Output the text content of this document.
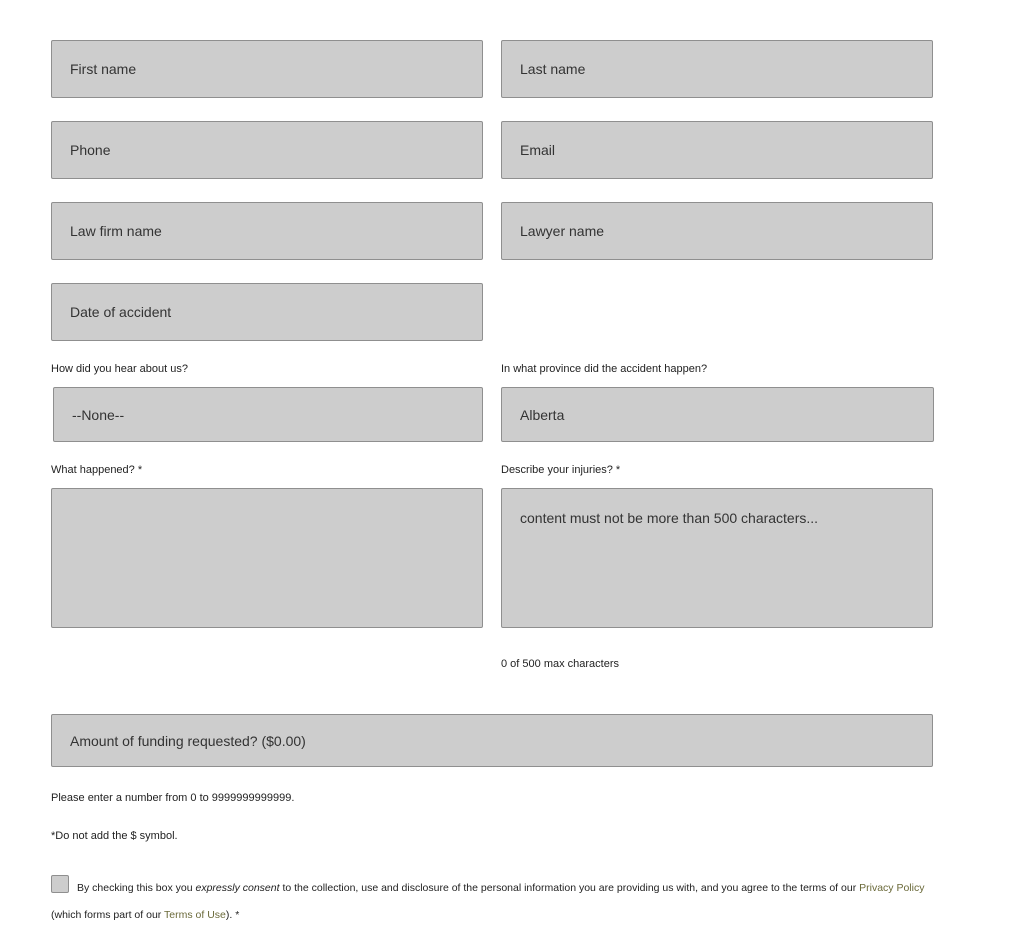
First name	Last name
Phone	Email
Law firm name	Lawyer name
Date of accident
How did you hear about us?	In what province did the accident happen?
--None--	Alberta
What happened? *	Describe your injuries? *
content must not be more than 500 characters...
0 of 500 max characters
Amount of funding requested? ($0.00)
Please enter a number from 0 to 9999999999999.
*Do not add the $ symbol.
By checking this box you expressly consent to the collection, use and disclosure of the personal information you are providing us with, and you agree to the terms of our Privacy Policy (which forms part of our Terms of Use). *
